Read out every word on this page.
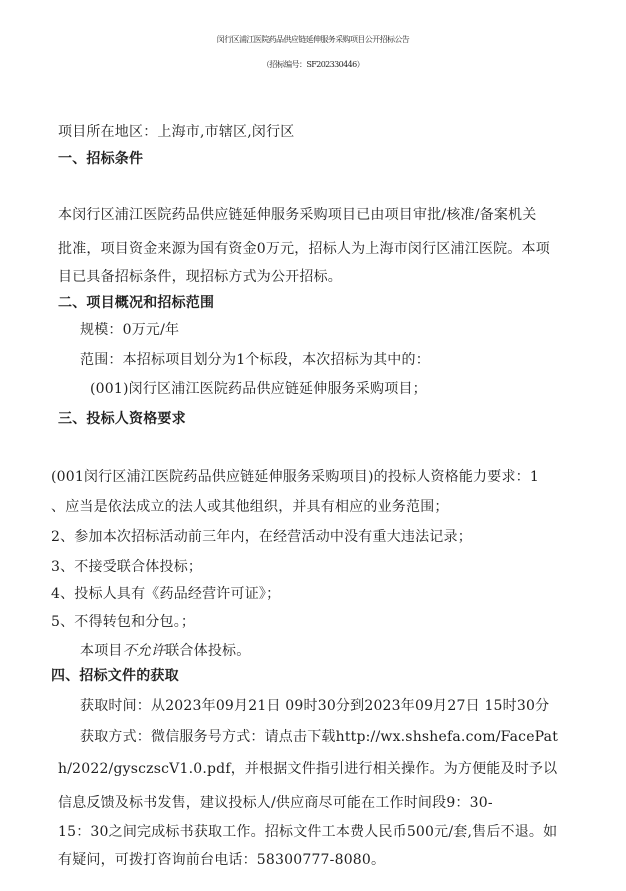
闵行区浦江医院药品供应链延伸服务采购项目公开招标公告
（招标编号：SF202330446）
项目所在地区：上海市,市辖区,闵行区
一、招标条件
本闵行区浦江医院药品供应链延伸服务采购项目已由项目审批/核准/备案机关
批准，项目资金来源为国有资金0万元，招标人为上海市闵行区浦江医院。本项
目已具备招标条件，现招标方式为公开招标。
二、项目概况和招标范围
规模：0万元/年
范围：本招标项目划分为1个标段，本次招标为其中的：
(001)闵行区浦江医院药品供应链延伸服务采购项目；
三、投标人资格要求
(001闵行区浦江医院药品供应链延伸服务采购项目)的投标人资格能力要求：1
、应当是依法成立的法人或其他组织，并具有相应的业务范围；
2、参加本次招标活动前三年内，在经营活动中没有重大违法记录；
3、不接受联合体投标；
4、投标人具有《药品经营许可证》；
5、不得转包和分包。；
本项目不允许联合体投标。
四、招标文件的获取
获取时间：从2023年09月21日 09时30分到2023年09月27日 15时30分
获取方式：微信服务号方式：请点击下载http://wx.shshefa.com/FacePat
h/2022/gysczscV1.0.pdf，并根据文件指引进行相关操作。为方便能及时予以
信息反馈及标书发售，建议投标人/供应商尽可能在工作时间段9：30-
15：30之间完成标书获取工作。招标文件工本费人民币500元/套,售后不退。如
有疑问，可拨打咨询前台电话：58300777-8080。
